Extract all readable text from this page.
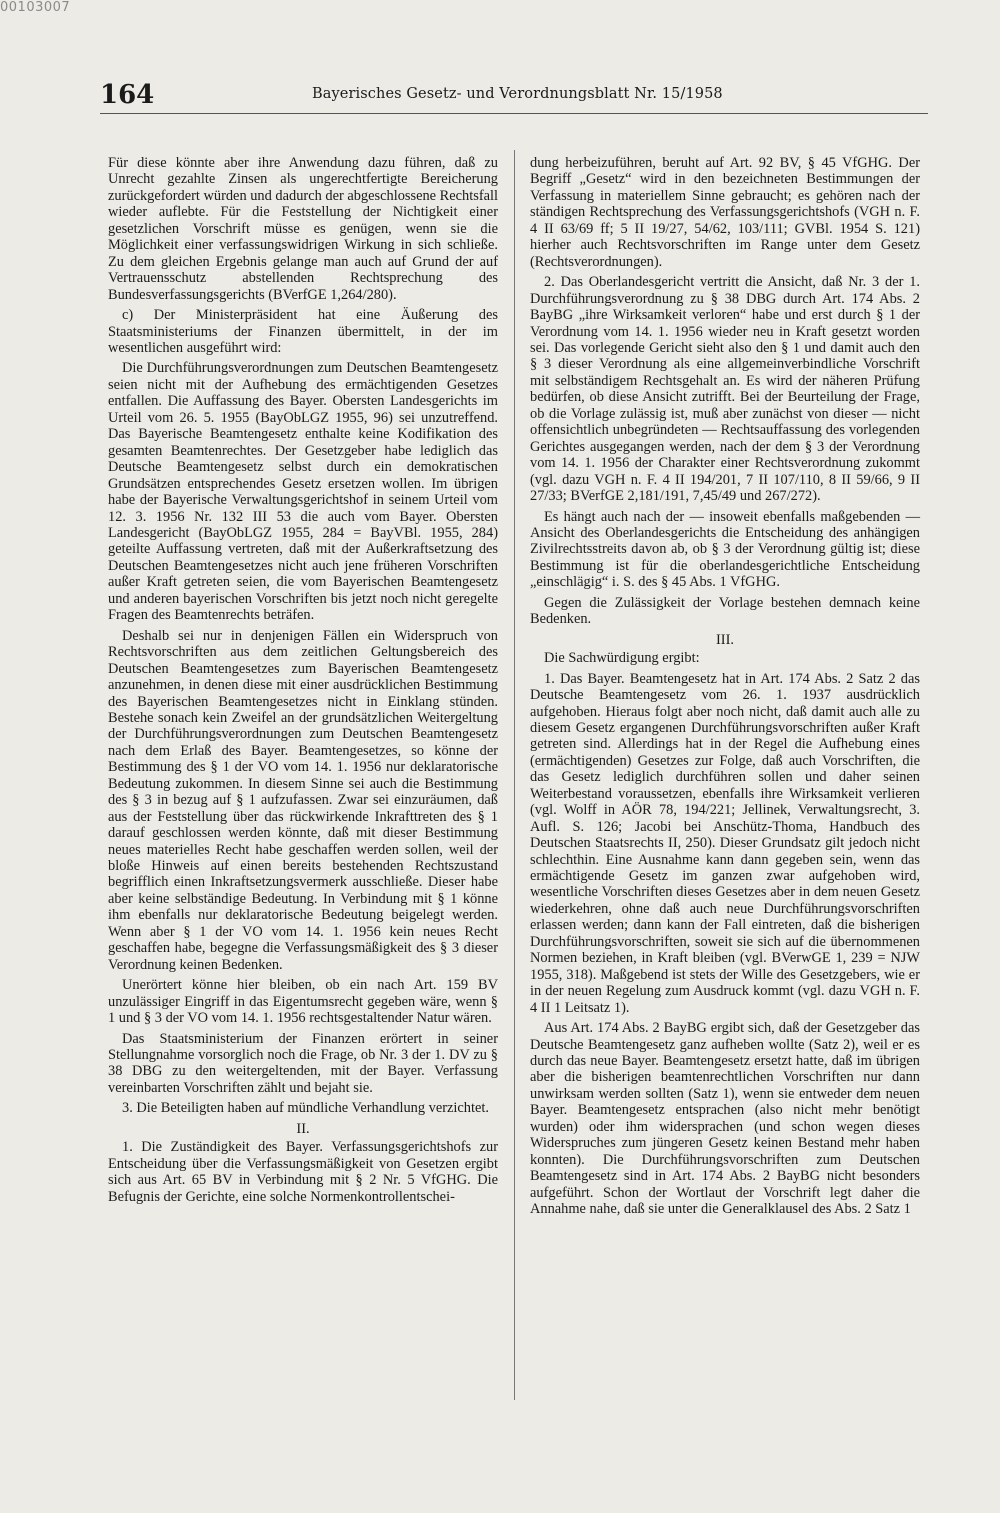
00103007
164	Bayerisches Gesetz- und Verordnungsblatt Nr. 15/1958

Für diese könnte aber ihre Anwendung dazu führen, daß zu Unrecht gezahlte Zinsen als ungerechtfertigte Bereicherung zurückgefordert würden und dadurch der abgeschlossene Rechtsfall wieder auflebte. Für die Feststellung der Nichtigkeit einer gesetzlichen Vorschrift müsse es genügen, wenn sie die Möglichkeit einer verfassungswidrigen Wirkung in sich schließe. Zu dem gleichen Ergebnis gelange man auch auf Grund der auf Vertrauensschutz abstellenden Rechtsprechung des Bundesverfassungsgerichts (BVerfGE 1,264/280).

c) Der Ministerpräsident hat eine Äußerung des Staatsministeriums der Finanzen übermittelt, in der im wesentlichen ausgeführt wird:

Die Durchführungsverordnungen zum Deutschen Beamtengesetz seien nicht mit der Aufhebung des ermächtigenden Gesetzes entfallen. Die Auffassung des Bayer. Obersten Landesgerichts im Urteil vom 26. 5. 1955 (BayObLGZ 1955, 96) sei unzutreffend. Das Bayerische Beamtengesetz enthalte keine Kodifikation des gesamten Beamtenrechtes. Der Gesetzgeber habe lediglich das Deutsche Beamtengesetz selbst durch ein demokratischen Grundsätzen entsprechendes Gesetz ersetzen wollen. Im übrigen habe der Bayerische Verwaltungsgerichtshof in seinem Urteil vom 12. 3. 1956 Nr. 132 III 53 die auch vom Bayer. Obersten Landesgericht (BayObLGZ 1955, 284 = BayVBl. 1955, 284) geteilte Auffassung vertreten, daß mit der Außerkraftsetzung des Deutschen Beamtengesetzes nicht auch jene früheren Vorschriften außer Kraft getreten seien, die vom Bayerischen Beamtengesetz und anderen bayerischen Vorschriften bis jetzt noch nicht geregelte Fragen des Beamtenrechts beträfen.

Deshalb sei nur in denjenigen Fällen ein Widerspruch von Rechtsvorschriften aus dem zeitlichen Geltungsbereich des Deutschen Beamtengesetzes zum Bayerischen Beamtengesetz anzunehmen, in denen diese mit einer ausdrücklichen Bestimmung des Bayerischen Beamtengesetzes nicht in Einklang stünden. Bestehe sonach kein Zweifel an der grundsätzlichen Weitergeltung der Durchführungsverordnungen zum Deutschen Beamtengesetz nach dem Erlaß des Bayer. Beamtengesetzes, so könne der Bestimmung des § 1 der VO vom 14. 1. 1956 nur deklaratorische Bedeutung zukommen. In diesem Sinne sei auch die Bestimmung des § 3 in bezug auf § 1 aufzufassen. Zwar sei einzuräumen, daß aus der Feststellung über das rückwirkende Inkrafttreten des § 1 darauf geschlossen werden könnte, daß mit dieser Bestimmung neues materielles Recht habe geschaffen werden sollen, weil der bloße Hinweis auf einen bereits bestehenden Rechtszustand begrifflich einen Inkraftsetzungsvermerk ausschließe. Dieser habe aber keine selbständige Bedeutung. In Verbindung mit § 1 könne ihm ebenfalls nur deklaratorische Bedeutung beigelegt werden. Wenn aber § 1 der VO vom 14. 1. 1956 kein neues Recht geschaffen habe, begegne die Verfassungsmäßigkeit des § 3 dieser Verordnung keinen Bedenken.

Unerörtert könne hier bleiben, ob ein nach Art. 159 BV unzulässiger Eingriff in das Eigentumsrecht gegeben wäre, wenn § 1 und § 3 der VO vom 14. 1. 1956 rechtsgestaltender Natur wären.

Das Staatsministerium der Finanzen erörtert in seiner Stellungnahme vorsorglich noch die Frage, ob Nr. 3 der 1. DV zu § 38 DBG zu den weitergeltenden, mit der Bayer. Verfassung vereinbarten Vorschriften zählt und bejaht sie.

3. Die Beteiligten haben auf mündliche Verhandlung verzichtet.

II.

1. Die Zuständigkeit des Bayer. Verfassungsgerichtshofs zur Entscheidung über die Verfassungsmäßigkeit von Gesetzen ergibt sich aus Art. 65 BV in Verbindung mit § 2 Nr. 5 VfGHG. Die Befugnis der Gerichte, eine solche Normenkontrollentschei-

dung herbeizuführen, beruht auf Art. 92 BV, § 45 VfGHG. Der Begriff „Gesetz“ wird in den bezeichneten Bestimmungen der Verfassung in materiellem Sinne gebraucht; es gehören nach der ständigen Rechtsprechung des Verfassungsgerichtshofs (VGH n. F. 4 II 63/69 ff; 5 II 19/27, 54/62, 103/111; GVBl. 1954 S. 121) hierher auch Rechtsvorschriften im Range unter dem Gesetz (Rechtsverordnungen).

2. Das Oberlandesgericht vertritt die Ansicht, daß Nr. 3 der 1. Durchführungsverordnung zu § 38 DBG durch Art. 174 Abs. 2 BayBG „ihre Wirksamkeit verloren“ habe und erst durch § 1 der Verordnung vom 14. 1. 1956 wieder neu in Kraft gesetzt worden sei. Das vorlegende Gericht sieht also den § 1 und damit auch den § 3 dieser Verordnung als eine allgemeinverbindliche Vorschrift mit selbständigem Rechtsgehalt an. Es wird der näheren Prüfung bedürfen, ob diese Ansicht zutrifft. Bei der Beurteilung der Frage, ob die Vorlage zulässig ist, muß aber zunächst von dieser — nicht offensichtlich unbegründeten — Rechtsauffassung des vorlegenden Gerichtes ausgegangen werden, nach der dem § 3 der Verordnung vom 14. 1. 1956 der Charakter einer Rechtsverordnung zukommt (vgl. dazu VGH n. F. 4 II 194/201, 7 II 107/110, 8 II 59/66, 9 II 27/33; BVerfGE 2,181/191, 7,45/49 und 267/272).

Es hängt auch nach der — insoweit ebenfalls maßgebenden — Ansicht des Oberlandesgerichts die Entscheidung des anhängigen Zivilrechtsstreits davon ab, ob § 3 der Verordnung gültig ist; diese Bestimmung ist für die oberlandesgerichtliche Entscheidung „einschlägig“ i. S. des § 45 Abs. 1 VfGHG.

Gegen die Zulässigkeit der Vorlage bestehen demnach keine Bedenken.

III.

Die Sachwürdigung ergibt:

1. Das Bayer. Beamtengesetz hat in Art. 174 Abs. 2 Satz 2 das Deutsche Beamtengesetz vom 26. 1. 1937 ausdrücklich aufgehoben. Hieraus folgt aber noch nicht, daß damit auch alle zu diesem Gesetz ergangenen Durchführungsvorschriften außer Kraft getreten sind. Allerdings hat in der Regel die Aufhebung eines (ermächtigenden) Gesetzes zur Folge, daß auch Vorschriften, die das Gesetz lediglich durchführen sollen und daher seinen Weiterbestand voraussetzen, ebenfalls ihre Wirksamkeit verlieren (vgl. Wolff in AÖR 78, 194/221; Jellinek, Verwaltungsrecht, 3. Aufl. S. 126; Jacobi bei Anschütz-Thoma, Handbuch des Deutschen Staatsrechts II, 250). Dieser Grundsatz gilt jedoch nicht schlechthin. Eine Ausnahme kann dann gegeben sein, wenn das ermächtigende Gesetz im ganzen zwar aufgehoben wird, wesentliche Vorschriften dieses Gesetzes aber in dem neuen Gesetz wiederkehren, ohne daß auch neue Durchführungsvorschriften erlassen werden; dann kann der Fall eintreten, daß die bisherigen Durchführungsvorschriften, soweit sie sich auf die übernommenen Normen beziehen, in Kraft bleiben (vgl. BVerwGE 1, 239 = NJW 1955, 318). Maßgebend ist stets der Wille des Gesetzgebers, wie er in der neuen Regelung zum Ausdruck kommt (vgl. dazu VGH n. F. 4 II 1 Leitsatz 1).

Aus Art. 174 Abs. 2 BayBG ergibt sich, daß der Gesetzgeber das Deutsche Beamtengesetz ganz aufheben wollte (Satz 2), weil er es durch das neue Bayer. Beamtengesetz ersetzt hatte, daß im übrigen aber die bisherigen beamtenrechtlichen Vorschriften nur dann unwirksam werden sollten (Satz 1), wenn sie entweder dem neuen Bayer. Beamtengesetz entsprachen (also nicht mehr benötigt wurden) oder ihm widersprachen (und schon wegen dieses Widerspruches zum jüngeren Gesetz keinen Bestand mehr haben konnten). Die Durchführungsvorschriften zum Deutschen Beamtengesetz sind in Art. 174 Abs. 2 BayBG nicht besonders aufgeführt. Schon der Wortlaut der Vorschrift legt daher die Annahme nahe, daß sie unter die Generalklausel des Abs. 2 Satz 1
